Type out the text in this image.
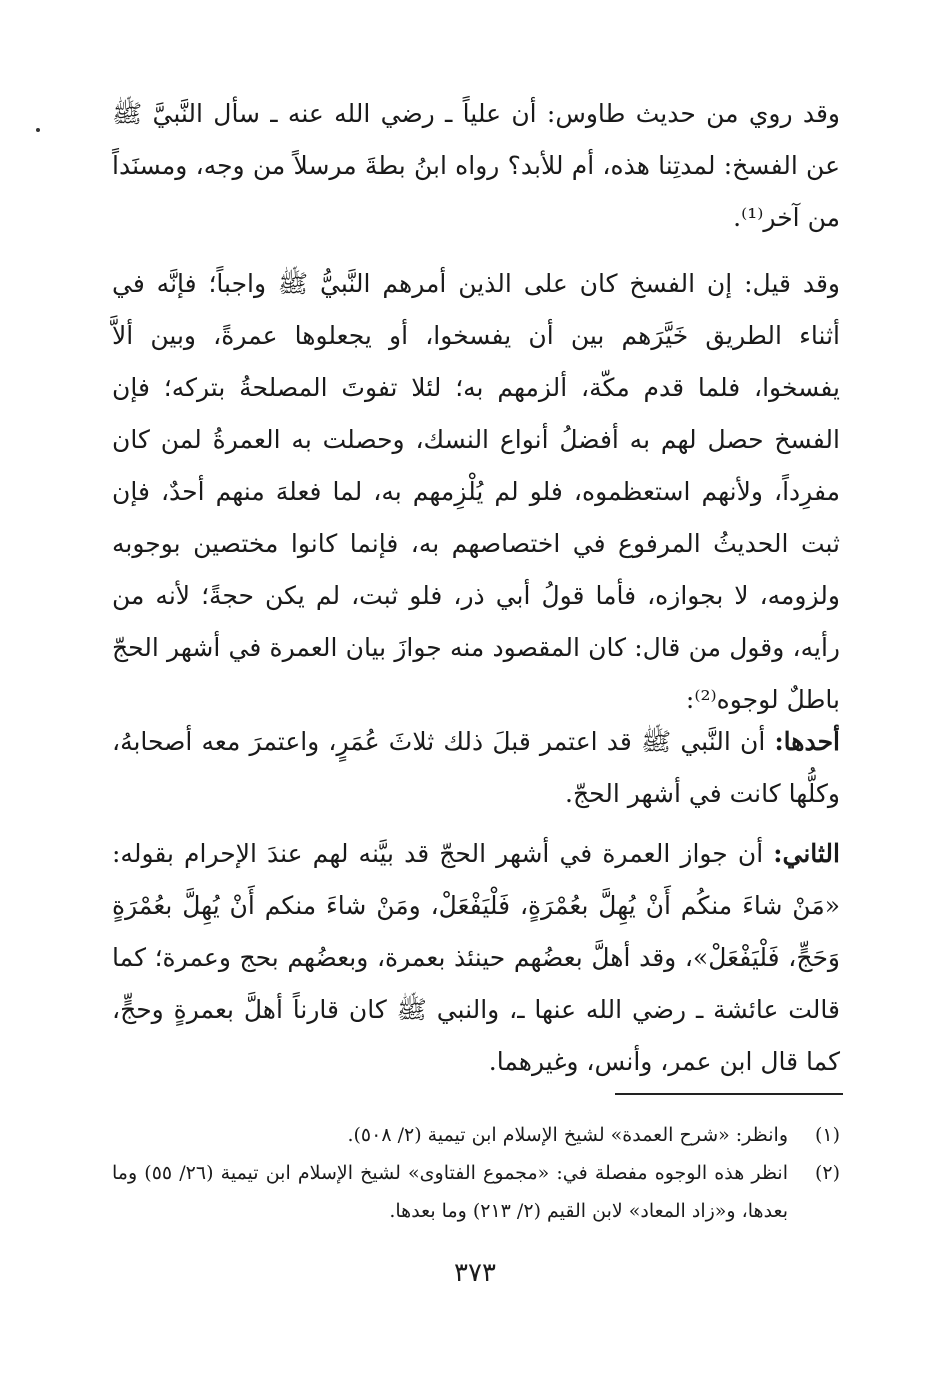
وقد روي من حديث طاوس: أن علياً ـ رضي الله عنه ـ سأل النَّبيَّ ﷺ عن الفسخ: لمدتِنا هذه، أم للأبد؟ رواه ابنُ بطةَ مرسلاً من وجه، ومسنَداً من آخر⁽¹⁾.

وقد قيل: إن الفسخ كان على الذين أمرهم النَّبيُّ ﷺ واجباً؛ فإنَّه في أثناء الطريق خَيَّرَهم بين أن يفسخوا، أو يجعلوها عمرةً، وبين ألاَّ يفسخوا، فلما قدم مكّة، ألزمهم به؛ لئلا تفوتَ المصلحةُ بتركه؛ فإن الفسخ حصل لهم به أفضلُ أنواع النسك، وحصلت به العمرةُ لمن كان مفرِداً، ولأنهم استعظموه، فلو لم يُلْزِمهم به، لما فعلهَ منهم أحدٌ، فإن ثبت الحديثُ المرفوع في اختصاصهم به، فإنما كانوا مختصين بوجوبه ولزومه، لا بجوازه، فأما قولُ أبي ذر، فلو ثبت، لم يكن حجةً؛ لأنه من رأيه، وقول من قال: كان المقصود منه جوازَ بيان العمرة في أشهر الحجّ باطلٌ لوجوه⁽²⁾:

أحدها: أن النَّبي ﷺ قد اعتمر قبلَ ذلك ثلاثَ عُمَرٍ، واعتمرَ معه أصحابهُ، وكلُّها كانت في أشهر الحجّ.

الثاني: أن جواز العمرة في أشهر الحجّ قد بيَّنه لهم عندَ الإحرام بقوله: «مَنْ شاءَ منكُم أَنْ يُهِلَّ بعُمْرَةٍ، فَلْيَفْعَلْ، ومَنْ شاءَ منكم أَنْ يُهِلَّ بعُمْرَةٍ وَحَجٍّ، فَلْيَفْعَلْ»، وقد أهلَّ بعضُهم حينئذ بعمرة، وبعضُهم بحج وعمرة؛ كما قالت عائشة ـ رضي الله عنها ـ، والنبي ﷺ كان قارناً أهلَّ بعمرةٍ وحجٍّ، كما قال ابن عمر، وأنس، وغيرهما.

(١)
وانظر: «شرح العمدة» لشيخ الإسلام ابن تيمية (٢/ ٥٠٨).
(٢)
انظر هذه الوجوه مفصلة في: «مجموع الفتاوى» لشيخ الإسلام ابن تيمية (٢٦/ ٥٥) وما بعدها، و«زاد المعاد» لابن القيم (٢/ ٢١٣) وما بعدها.
٣٧٣
